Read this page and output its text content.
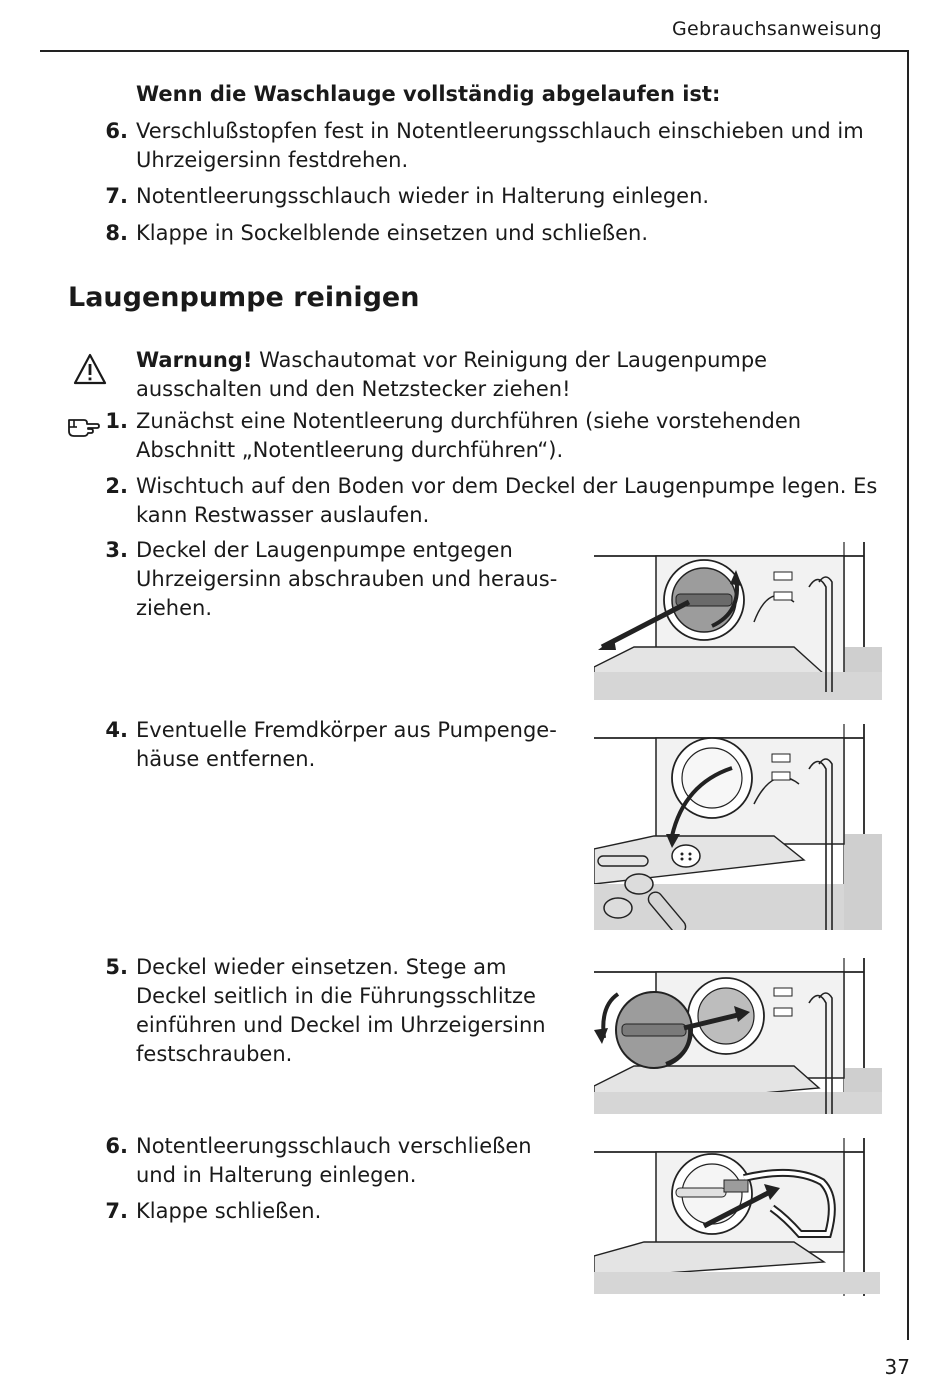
Gebrauchsanweisung
Wenn die Waschlauge vollständig abgelaufen ist:
6. Verschlußstopfen fest in Notentleerungsschlauch einschieben und im
Uhrzeigersinn festdrehen.
7. Notentleerungsschlauch wieder in Halterung einlegen.
8. Klappe in Sockelblende einsetzen und schließen.
Laugenpumpe reinigen
Warnung! Waschautomat vor Reinigung der Laugenpumpe
ausschalten und den Netzstecker ziehen!
1. Zunächst eine Notentleerung durchführen (siehe vorstehenden
Abschnitt „Notentleerung durchführen“).
2. Wischtuch auf den Boden vor dem Deckel der Laugenpumpe legen. Es
kann Restwasser auslaufen.
3. Deckel der Laugenpumpe entgegen
Uhrzeigersinn abschrauben und heraus-
ziehen.
4. Eventuelle Fremdkörper aus Pumpenge-
häuse entfernen.
5. Deckel wieder einsetzen. Stege am
Deckel seitlich in die Führungsschlitze
einführen und Deckel im Uhrzeigersinn
festschrauben.
6. Notentleerungsschlauch verschließen
und in Halterung einlegen.
7. Klappe schließen.
37
